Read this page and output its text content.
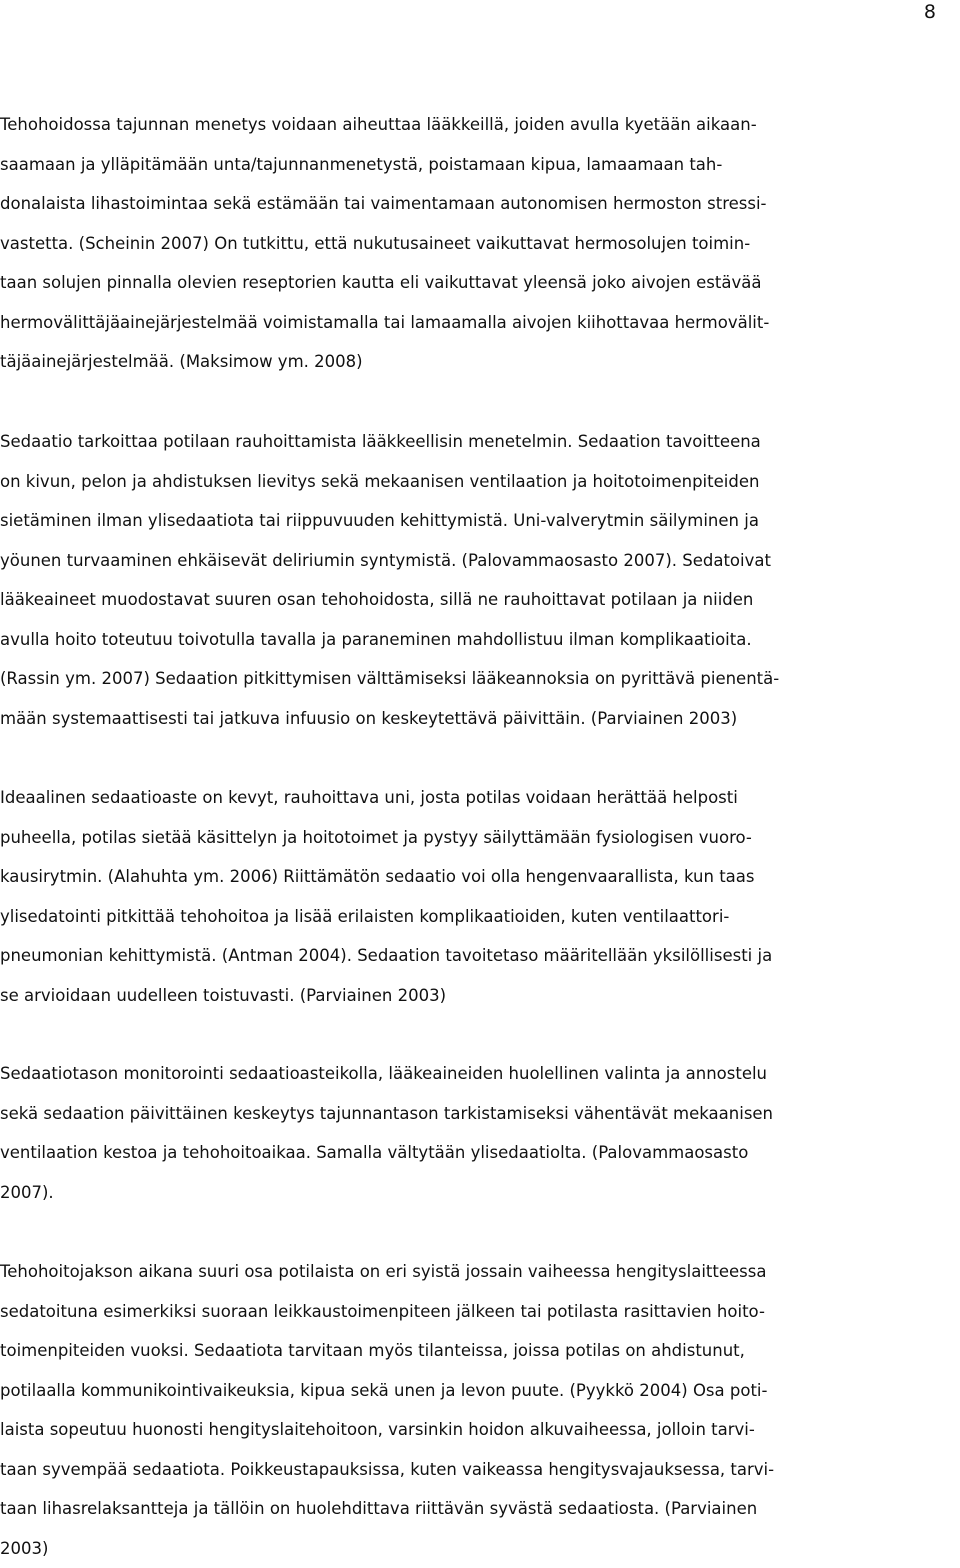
8

Tehohoidossa tajunnan menetys voidaan aiheuttaa lääkkeillä, joiden avulla kyetään aikaan-
saamaan ja ylläpitämään unta/tajunnanmenetystä, poistamaan kipua, lamaamaan tah-
donalaista lihastoimintaa sekä estämään tai vaimentamaan autonomisen hermoston stressi-
vastetta. (Scheinin 2007) On tutkittu, että nukutusaineet vaikuttavat hermosolujen toimin-
taan solujen pinnalla olevien reseptorien kautta eli vaikuttavat yleensä joko aivojen estävää
hermovälittäjäainejärjestelmää voimistamalla tai lamaamalla aivojen kiihottavaa hermovälit-
täjäainejärjestelmää. (Maksimow ym. 2008)

Sedaatio tarkoittaa potilaan rauhoittamista lääkkeellisin menetelmin. Sedaation tavoitteena
on kivun, pelon ja ahdistuksen lievitys sekä mekaanisen ventilaation ja hoitotoimenpiteiden
sietäminen ilman ylisedaatiota tai riippuvuuden kehittymistä. Uni-valverytmin säilyminen ja
yöunen turvaaminen ehkäisevät deliriumin syntymistä. (Palovammaosasto 2007). Sedatoivat
lääkeaineet muodostavat suuren osan tehohoidosta, sillä ne rauhoittavat potilaan ja niiden
avulla hoito toteutuu toivotulla tavalla ja paraneminen mahdollistuu ilman komplikaatioita.
(Rassin ym. 2007) Sedaation pitkittymisen välttämiseksi lääkeannoksia on pyrittävä pienentä-
mään systemaattisesti tai jatkuva infuusio on keskeytettävä päivittäin. (Parviainen 2003)

Ideaalinen sedaatioaste on kevyt, rauhoittava uni, josta potilas voidaan herättää helposti
puheella, potilas sietää käsittelyn ja hoitotoimet ja pystyy säilyttämään fysiologisen vuoro-
kausirytmin. (Alahuhta ym. 2006) Riittämätön sedaatio voi olla hengenvaarallista, kun taas
ylisedatointi pitkittää tehohoitoa ja lisää erilaisten komplikaatioiden, kuten ventilaattori-
pneumonian kehittymistä. (Antman 2004). Sedaation tavoitetaso määritellään yksilöllisesti ja
se arvioidaan uudelleen toistuvasti. (Parviainen 2003)

Sedaatiotason monitorointi sedaatioasteikolla, lääkeaineiden huolellinen valinta ja annostelu
sekä sedaation päivittäinen keskeytys tajunnantason tarkistamiseksi vähentävät mekaanisen
ventilaation kestoa ja tehohoitoaikaa. Samalla vältytään ylisedaatiolta. (Palovammaosasto
2007).

Tehohoitojakson aikana suuri osa potilaista on eri syistä jossain vaiheessa hengityslaitteessa
sedatoituna esimerkiksi suoraan leikkaustoimenpiteen jälkeen tai potilasta rasittavien hoito-
toimenpiteiden vuoksi. Sedaatiota tarvitaan myös tilanteissa, joissa potilas on ahdistunut,
potilaalla kommunikointivaikeuksia, kipua sekä unen ja levon puute. (Pyykkö 2004) Osa poti-
laista sopeutuu huonosti hengityslaitehoitoon, varsinkin hoidon alkuvaiheessa, jolloin tarvi-
taan syvempää sedaatiota. Poikkeustapauksissa, kuten vaikeassa hengitysvajauksessa, tarvi-
taan lihasrelaksantteja ja tällöin on huolehdittava riittävän syvästä sedaatiosta. (Parviainen
2003)
